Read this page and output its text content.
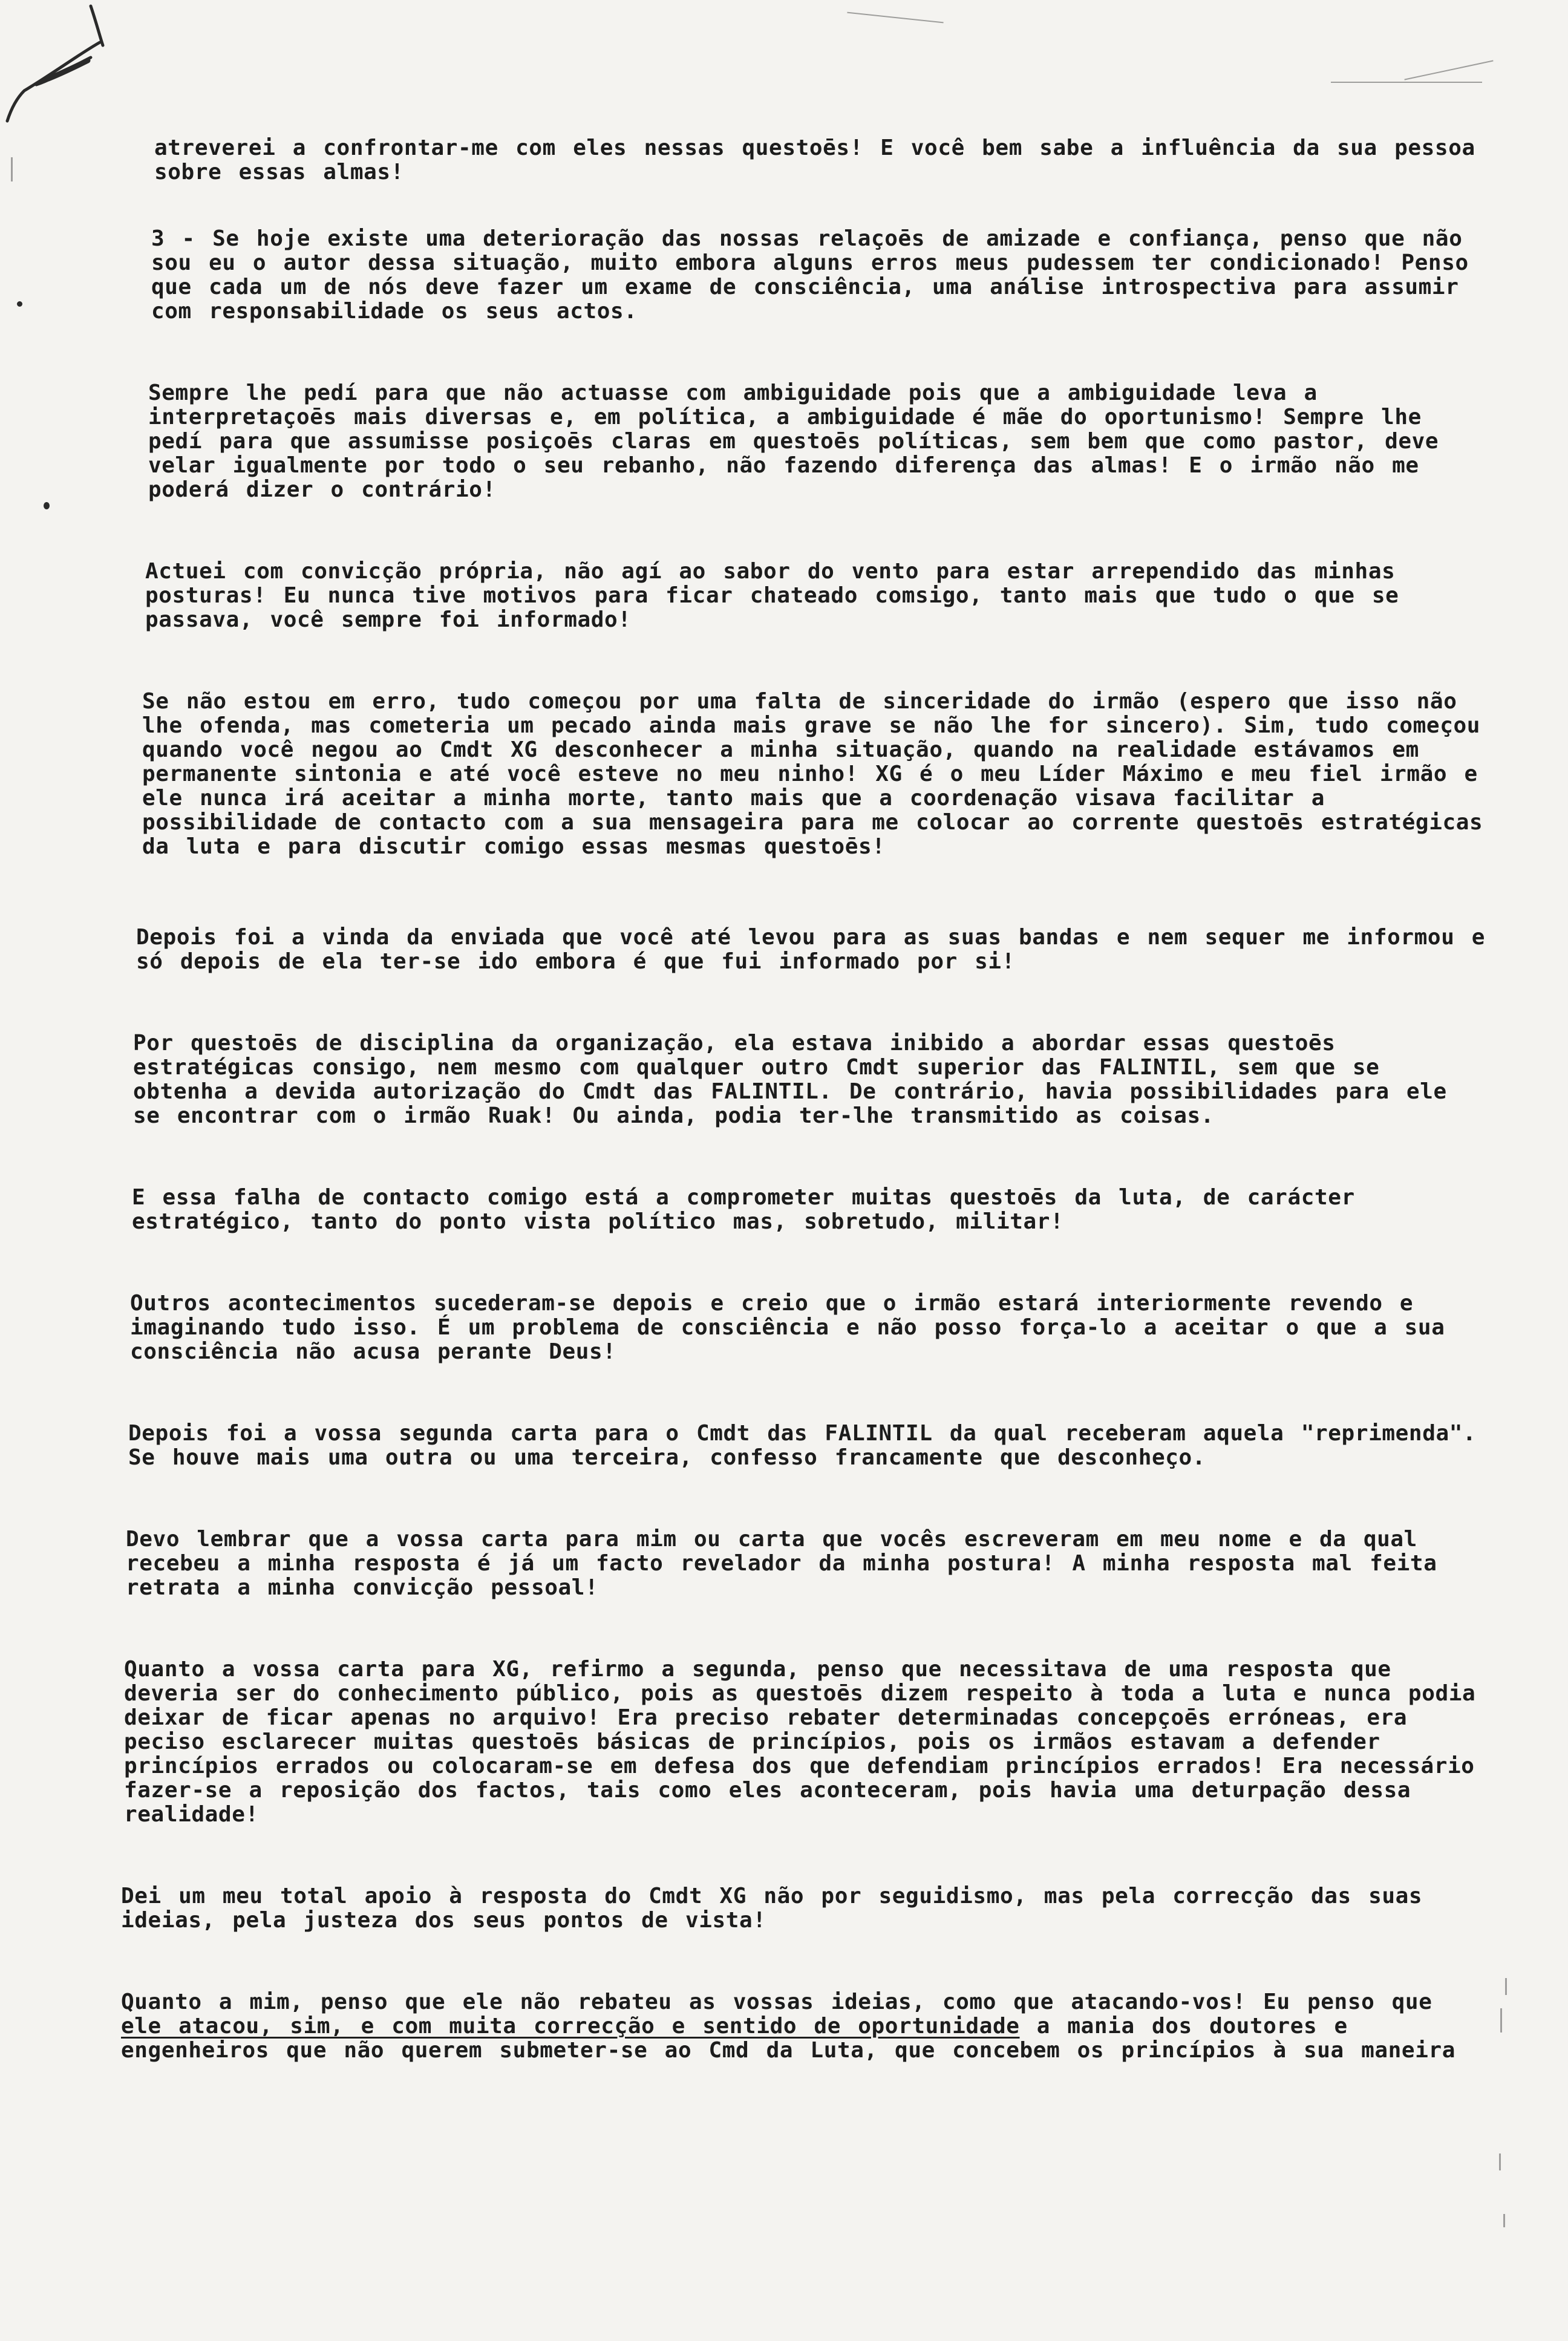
atreverei a confrontar-me com eles nessas questoēs! E você bem sabe a influência da sua pessoa sobre essas almas!

3 - Se hoje existe uma deterioração das nossas relaçoēs de amizade e confiança, penso que não sou eu o autor dessa situação, muito embora alguns erros meus pudessem ter condicionado! Penso que cada um de nós deve fazer um exame de consciência, uma análise introspectiva para assumir com responsabilidade os seus actos.

Sempre lhe pedí para que não actuasse com ambiguidade pois que a ambiguidade leva a interpretaçoēs mais diversas e, em política, a ambiguidade é mãe do oportunismo! Sempre lhe pedí para que assumisse posiçoēs claras em questoēs políticas, sem bem que como pastor, deve velar igualmente por todo o seu rebanho, não fazendo diferença das almas! E o irmão não me poderá dizer o contrário!

Actuei com convicção própria, não agí ao sabor do vento para estar arrependido das minhas posturas! Eu nunca tive motivos para ficar chateado comsigo, tanto mais que tudo o que se passava, você sempre foi informado!

Se não estou em erro, tudo começou por uma falta de sinceridade do irmão (espero que isso não lhe ofenda, mas cometeria um pecado ainda mais grave se não lhe for sincero). Sim, tudo começou quando você negou ao Cmdt XG desconhecer a minha situação, quando na realidade estávamos em permanente sintonia e até você esteve no meu ninho! XG é o meu Líder Máximo e meu fiel irmão e ele nunca irá aceitar a minha morte, tanto mais que a coordenação visava facilitar a possibilidade de contacto com a sua mensageira para me colocar ao corrente questoēs estratégicas da luta e para discutir comigo essas mesmas questoēs!

Depois foi a vinda da enviada que você até levou para as suas bandas e nem sequer me informou e só depois de ela ter-se ido embora é que fui informado por si!

Por questoēs de disciplina da organização, ela estava inibido a abordar essas questoēs estratégicas consigo, nem mesmo com qualquer outro Cmdt superior das FALINTIL, sem que se obtenha a devida autorização do Cmdt das FALINTIL. De contrário, havia possibilidades para ele se encontrar com o irmão Ruak! Ou ainda, podia ter-lhe transmitido as coisas.

E essa falha de contacto comigo está a comprometer muitas questoēs da luta, de carácter estratégico, tanto do ponto vista político mas, sobretudo, militar!

Outros acontecimentos sucederam-se depois e creio que o irmão estará interiormente revendo e imaginando tudo isso. É um problema de consciência e não posso força-lo a aceitar o que a sua consciência não acusa perante Deus!

Depois foi a vossa segunda carta para o Cmdt das FALINTIL da qual receberam aquela "reprimenda". Se houve mais uma outra ou uma terceira, confesso francamente que desconheço.

Devo lembrar que a vossa carta para mim ou carta que vocês escreveram em meu nome e da qual recebeu a minha resposta é já um facto revelador da minha postura! A minha resposta mal feita retrata a minha convicção pessoal!

Quanto a vossa carta para XG, refirmo a segunda, penso que necessitava de uma resposta que deveria ser do conhecimento público, pois as questoēs dizem respeito à toda a luta e nunca podia deixar de ficar apenas no arquivo! Era preciso rebater determinadas concepçoēs erróneas, era peciso esclarecer muitas questoēs básicas de princípios, pois os irmãos estavam a defender princípios errados ou colocaram-se em defesa dos que defendiam princípios errados! Era necessário fazer-se a reposição dos factos, tais como eles aconteceram, pois havia uma deturpação dessa realidade!

Dei um meu total apoio à resposta do Cmdt XG não por seguidismo, mas pela correcção das suas ideias, pela justeza dos seus pontos de vista!

Quanto a mim, penso que ele não rebateu as vossas ideias, como que atacando-vos! Eu penso que ele atacou, sim, e com muita correcção e sentido de oportunidade a mania dos doutores e engenheiros que não querem submeter-se ao Cmd da Luta, que concebem os princípios à sua maneira
